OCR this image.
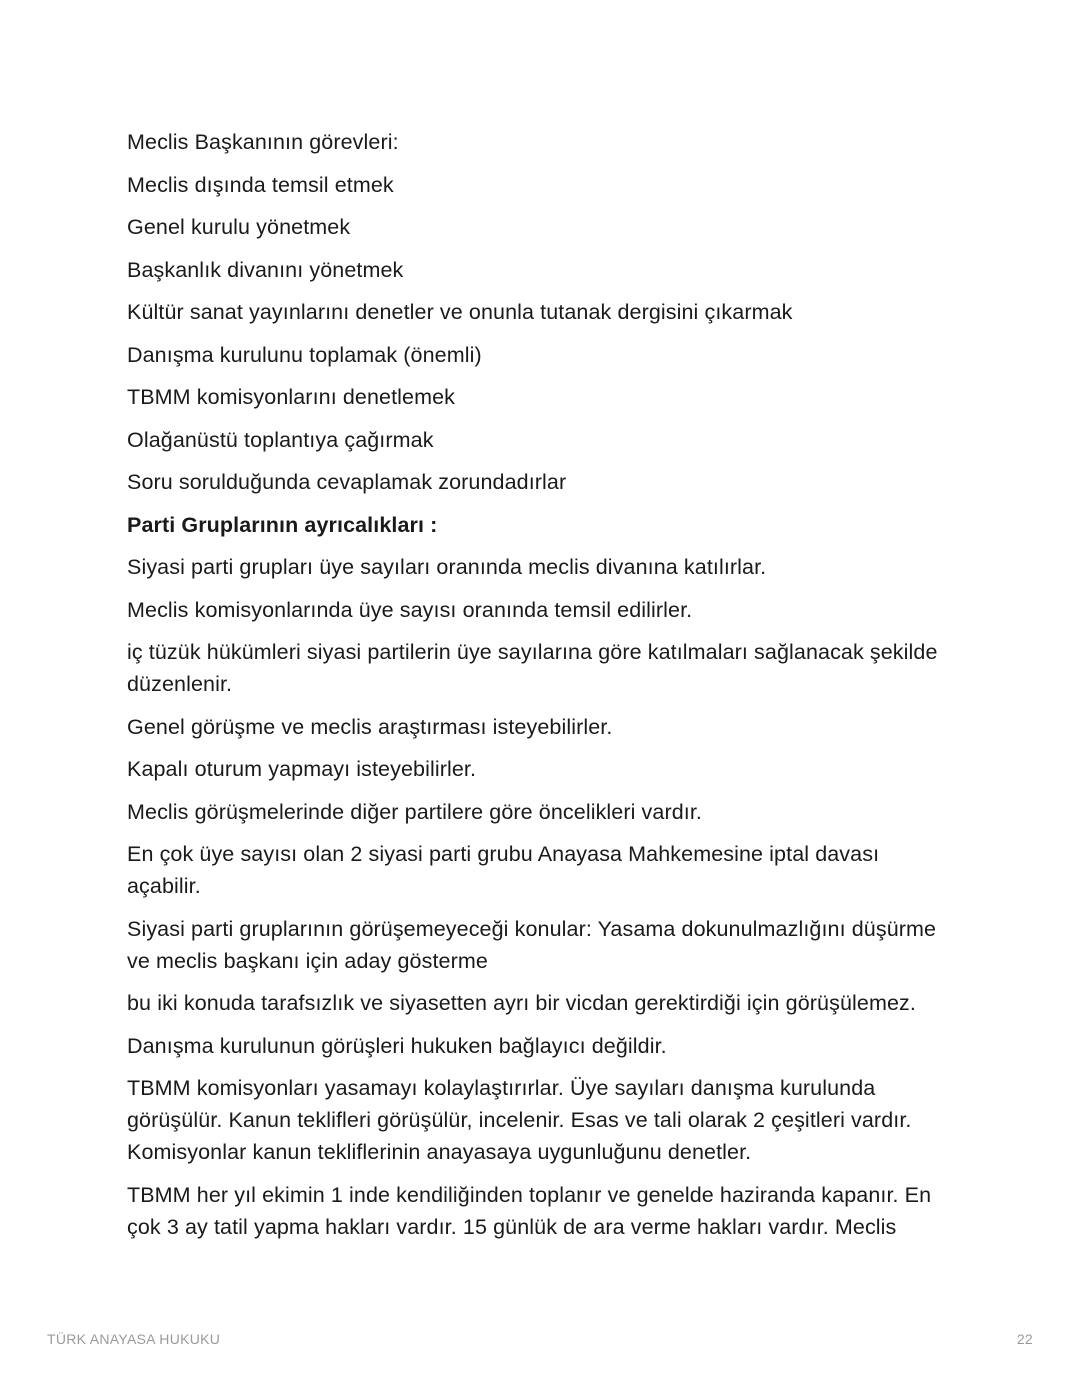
Meclis Başkanının görevleri:

Meclis dışında temsil etmek

Genel kurulu yönetmek

Başkanlık divanını yönetmek

Kültür sanat yayınlarını denetler ve onunla tutanak dergisini çıkarmak

Danışma kurulunu toplamak (önemli)

TBMM komisyonlarını denetlemek

Olağanüstü toplantıya çağırmak

Soru sorulduğunda cevaplamak zorundadırlar

Parti Gruplarının ayrıcalıkları :

Siyasi parti grupları üye sayıları oranında meclis divanına katılırlar.

Meclis komisyonlarında üye sayısı oranında temsil edilirler.

iç tüzük hükümleri siyasi partilerin üye sayılarına göre katılmaları sağlanacak şekilde düzenlenir.

Genel görüşme ve meclis araştırması isteyebilirler.

Kapalı oturum yapmayı isteyebilirler.

Meclis görüşmelerinde diğer partilere göre öncelikleri vardır.

En çok üye sayısı olan 2 siyasi parti grubu Anayasa Mahkemesine iptal davası açabilir.

Siyasi parti gruplarının görüşemeyeceği konular: Yasama dokunulmazlığını düşürme ve meclis başkanı için aday gösterme

bu iki konuda tarafsızlık ve siyasetten ayrı bir vicdan gerektirdiği için görüşülemez.

Danışma kurulunun görüşleri hukuken bağlayıcı değildir.

TBMM komisyonları yasamayı kolaylaştırırlar. Üye sayıları danışma kurulunda görüşülür. Kanun teklifleri görüşülür, incelenir. Esas ve tali olarak 2 çeşitleri vardır. Komisyonlar kanun tekliflerinin anayasaya uygunluğunu denetler.

TBMM her yıl ekimin 1 inde kendiliğinden toplanır ve genelde haziranda kapanır. En çok 3 ay tatil yapma hakları vardır. 15 günlük de ara verme hakları vardır. Meclis

TÜRK ANAYASA HUKUKU	22
